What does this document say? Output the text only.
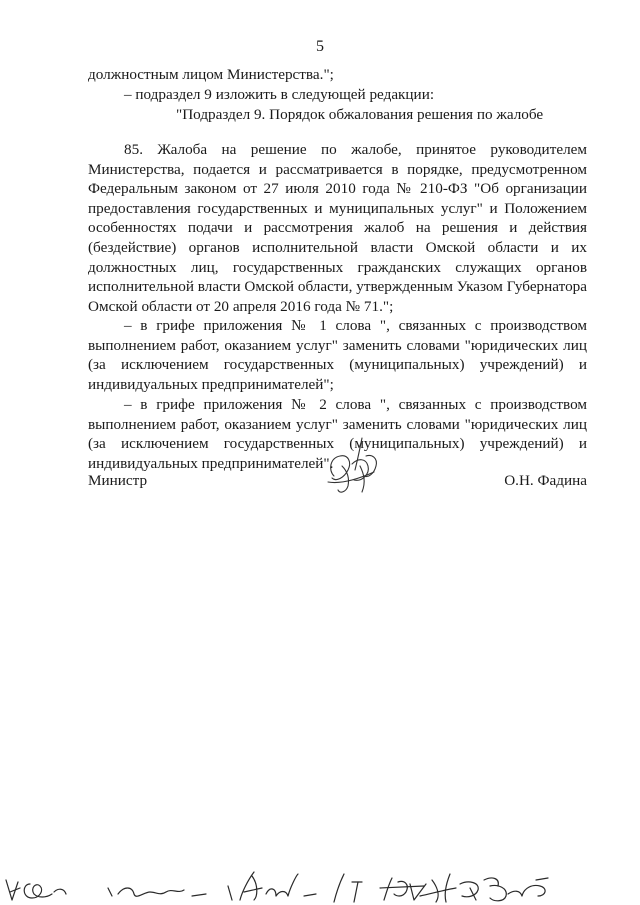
5
должностным лицом Министерства.";
– подраздел 9 изложить в следующей редакции:
"Подраздел 9. Порядок обжалования решения по жалобе
85. Жалоба на решение по жалобе, принятое руководителем
Министерства, подается и рассматривается в порядке, предусмотренном
Федеральным законом от 27 июля 2010 года № 210-ФЗ "Об организации
предоставления государственных и муниципальных услуг" и Положением
особенностях подачи и рассмотрения жалоб на решения и действия
(бездействие) органов исполнительной власти Омской области и их
должностных лиц, государственных гражданских служащих органов
исполнительной власти Омской области, утвержденным Указом Губернатора
Омской области от 20 апреля 2016 года № 71.";
– в грифе приложения № 1 слова ", связанных с производством
выполнением работ, оказанием услуг" заменить словами "юридических лиц
(за исключением государственных (муниципальных) учреждений) и
индивидуальных предпринимателей";
– в грифе приложения № 2 слова ", связанных с производством
выполнением работ, оказанием услуг" заменить словами "юридических лиц
(за исключением государственных (муниципальных) учреждений) и
индивидуальных предпринимателей".
Министр	О.Н. Фадина
